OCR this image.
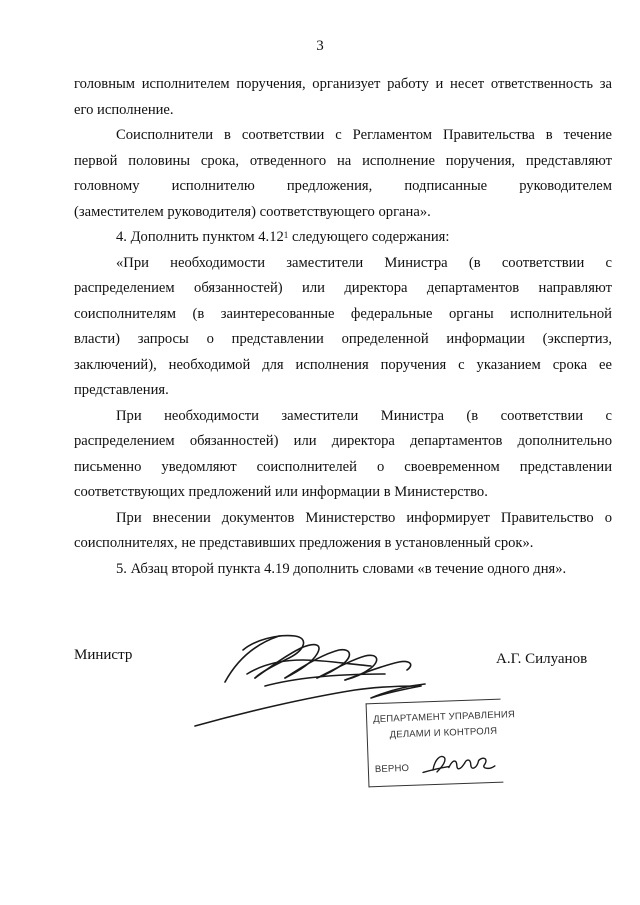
3

головным исполнителем поручения, организует работу и несет ответственность за

его исполнение.

Соисполнители в соответствии с Регламентом Правительства в течение

первой половины срока, отведенного на исполнение поручения, представляют

головному исполнителю предложения, подписанные руководителем

(заместителем руководителя) соответствующего органа».

4. Дополнить пунктом 4.12$^1$ следующего содержания:

«При необходимости заместители Министра (в соответствии с

распределением обязанностей) или директора департаментов направляют

соисполнителям (в заинтересованные федеральные органы исполнительной

власти) запросы о представлении определенной информации (экспертиз,

заключений), необходимой для исполнения поручения с указанием срока ее

представления.

При необходимости заместители Министра (в соответствии с

распределением обязанностей) или директора департаментов дополнительно

письменно уведомляют соисполнителей о своевременном представлении

соответствующих предложений или информации в Министерство.

При внесении документов Министерство информирует Правительство о

соисполнителях, не представивших предложения в установленный срок».

5. Абзац второй пункта 4.19 дополнить словами «в течение одного дня».

Министр	А.Г. Силуанов
ДЕПАРТАМЕНТ УПРАВЛЕНИЯ
ДЕЛАМИ И КОНТРОЛЯ
ВЕРНО
